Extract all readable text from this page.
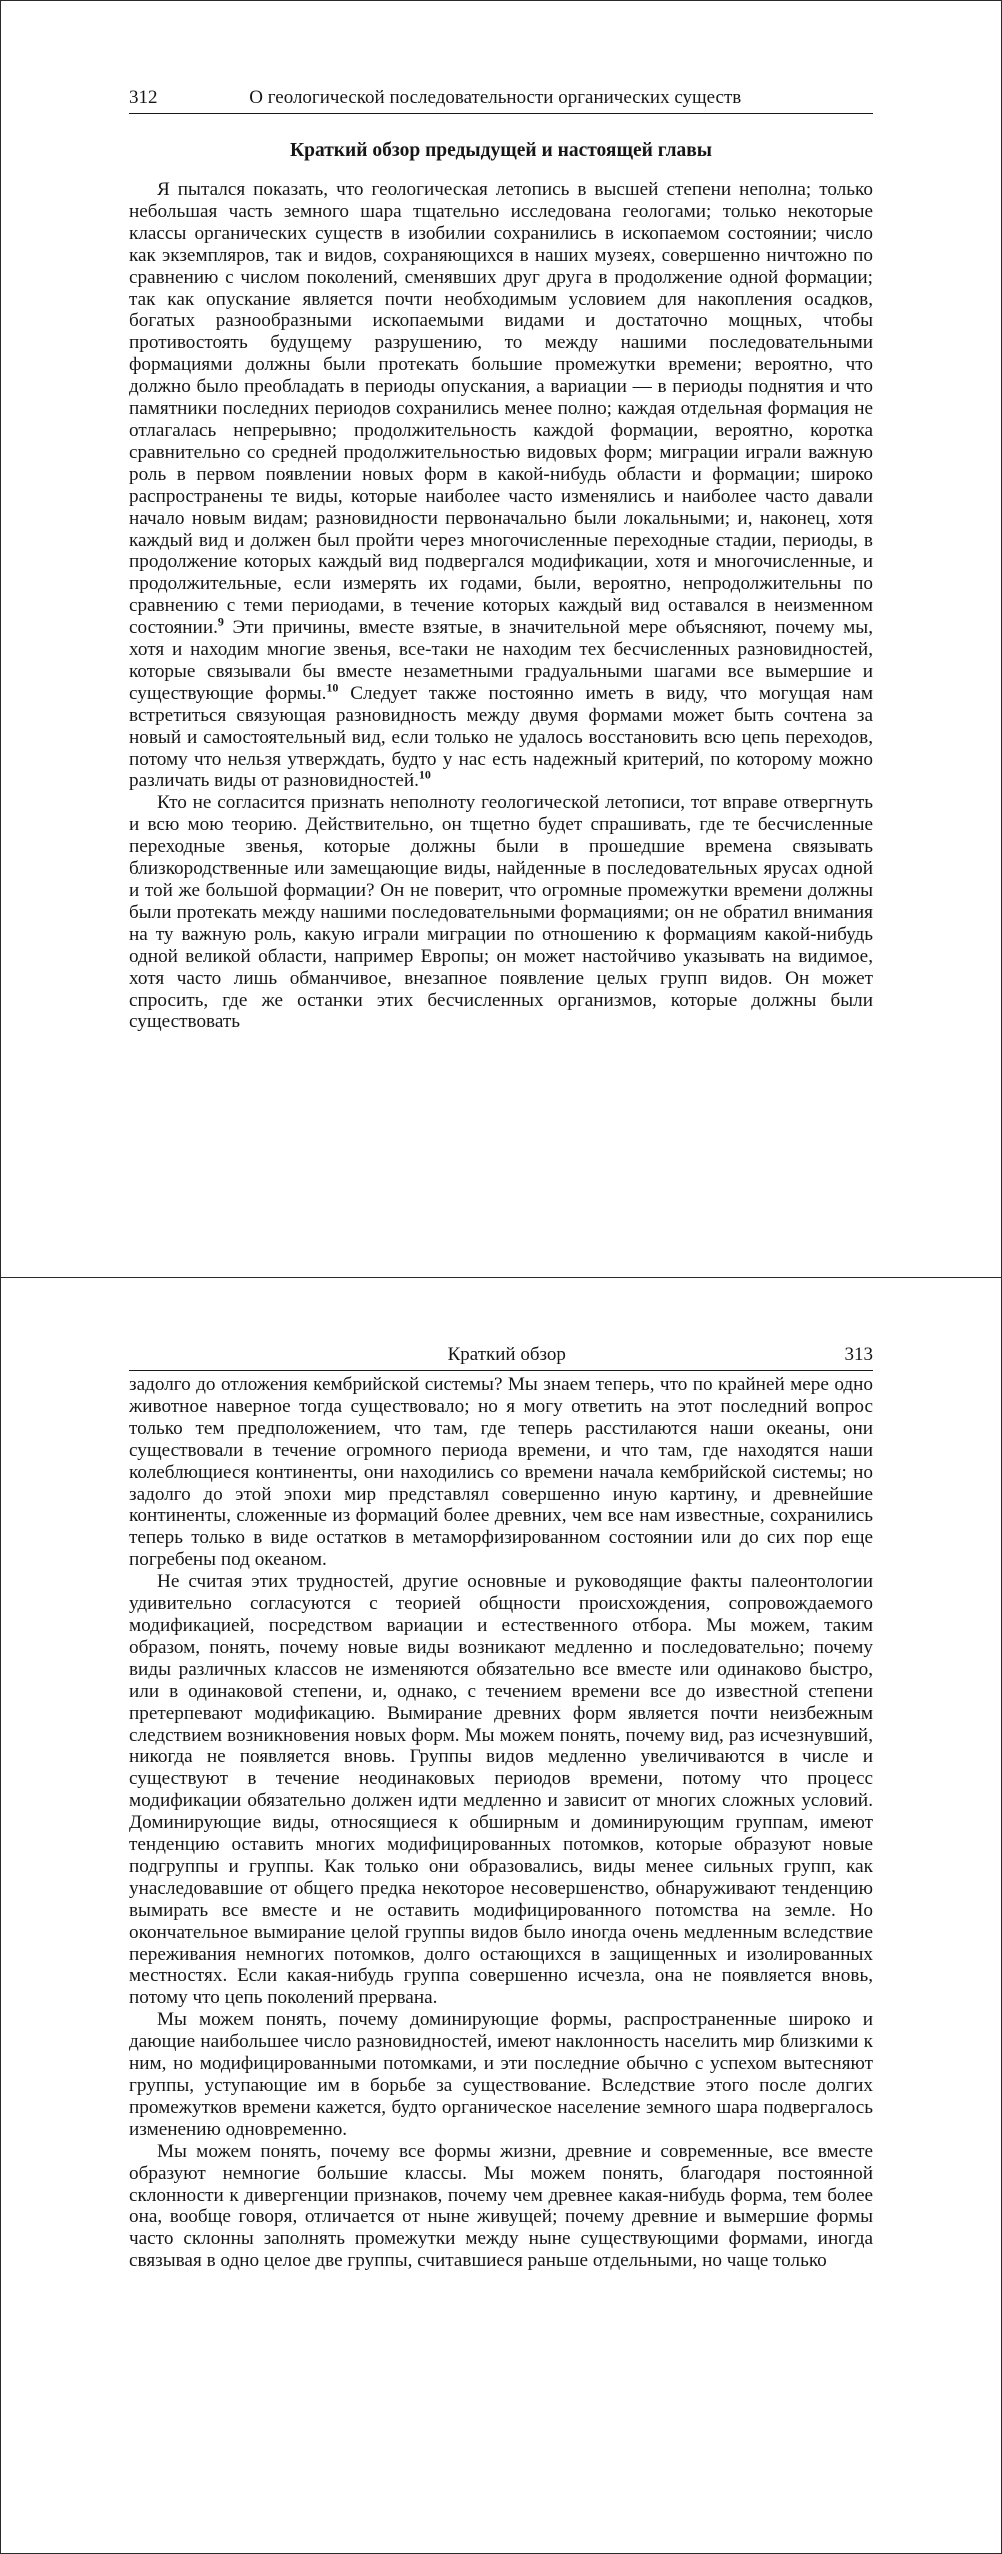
312	О геологической последовательности органических существ
Краткий обзор предыдущей и настоящей главы

Я пытался показать, что геологическая летопись в высшей степени неполна; только небольшая часть земного шара тщательно исследована геологами; только некоторые классы органических существ в изобилии сохранились в ископаемом состоянии; число как экземпляров, так и видов, сохраняющихся в наших музеях, совершенно ничтожно по сравнению с числом поколений, сменявших друг друга в продолжение одной формации; так как опускание является почти необходимым условием для накопления осадков, богатых разнообразными ископаемыми видами и достаточно мощных, чтобы противостоять будущему разрушению, то между нашими последовательными формациями должны были протекать большие промежутки времени; вероятно, что должно было преобладать в периоды опускания, а вариации — в периоды поднятия и что памятники последних периодов сохранились менее полно; каждая отдельная формация не отлагалась непрерывно; продолжительность каждой формации, вероятно, коротка сравнительно со средней продолжительностью видовых форм; миграции играли важную роль в первом появлении новых форм в какой-нибудь области и формации; широко распространены те виды, которые наиболее часто изменялись и наиболее часто давали начало новым видам; разновидности первоначально были локальными; и, наконец, хотя каждый вид и должен был пройти через многочисленные переходные стадии, периоды, в продолжение которых каждый вид подвергался модификации, хотя и многочисленные, и продолжительные, если измерять их годами, были, вероятно, непродолжительны по сравнению с теми периодами, в течение которых каждый вид оставался в неизменном состоянии.$^9$ Эти причины, вместе взятые, в значительной мере объясняют, почему мы, хотя и находим многие звенья, все-таки не находим тех бесчисленных разновидностей, которые связывали бы вместе незаметными градуальными шагами все вымершие и существующие формы.$^{10}$ Следует также постоянно иметь в виду, что могущая нам встретиться связующая разновидность между двумя формами может быть сочтена за новый и самостоятельный вид, если только не удалось восстановить всю цепь переходов, потому что нельзя утверждать, будто у нас есть надежный критерий, по которому можно различать виды от разновидностей.$^{10}$

Кто не согласится признать неполноту геологической летописи, тот вправе отвергнуть и всю мою теорию. Действительно, он тщетно будет спрашивать, где те бесчисленные переходные звенья, которые должны были в прошедшие времена связывать близкородственные или замещающие виды, найденные в последовательных ярусах одной и той же большой формации? Он не поверит, что огромные промежутки времени должны были протекать между нашими последовательными формациями; он не обратил внимания на ту важную роль, какую играли миграции по отношению к формациям какой-нибудь одной великой области, например Европы; он может настойчиво указывать на видимое, хотя часто лишь обманчивое, внезапное появление целых групп видов. Он может спросить, где же останки этих бесчисленных организмов, которые должны были существовать

Краткий обзор	313

задолго до отложения кембрийской системы? Мы знаем теперь, что по крайней мере одно животное наверное тогда существовало; но я могу ответить на этот последний вопрос только тем предположением, что там, где теперь расстилаются наши океаны, они существовали в течение огромного периода времени, и что там, где находятся наши колеблющиеся континенты, они находились со времени начала кембрийской системы; но задолго до этой эпохи мир представлял совершенно иную картину, и древнейшие континенты, сложенные из формаций более древних, чем все нам известные, сохранились теперь только в виде остатков в метаморфизированном состоянии или до сих пор еще погребены под океаном.

Не считая этих трудностей, другие основные и руководящие факты палеонтологии удивительно согласуются с теорией общности происхождения, сопровождаемого модификацией, посредством вариации и естественного отбора. Мы можем, таким образом, понять, почему новые виды возникают медленно и последовательно; почему виды различных классов не изменяются обязательно все вместе или одинаково быстро, или в одинаковой степени, и, однако, с течением времени все до известной степени претерпевают модификацию. Вымирание древних форм является почти неизбежным следствием возникновения новых форм. Мы можем понять, почему вид, раз исчезнувший, никогда не появляется вновь. Группы видов медленно увеличиваются в числе и существуют в течение неодинаковых периодов времени, потому что процесс модификации обязательно должен идти медленно и зависит от многих сложных условий. Доминирующие виды, относящиеся к обширным и доминирующим группам, имеют тенденцию оставить многих модифицированных потомков, которые образуют новые подгруппы и группы. Как только они образовались, виды менее сильных групп, как унаследовавшие от общего предка некоторое несовершенство, обнаруживают тенденцию вымирать все вместе и не оставить модифицированного потомства на земле. Но окончательное вымирание целой группы видов было иногда очень медленным вследствие переживания немногих потомков, долго остающихся в защищенных и изолированных местностях. Если какая-нибудь группа совершенно исчезла, она не появляется вновь, потому что цепь поколений прервана.

Мы можем понять, почему доминирующие формы, распространенные широко и дающие наибольшее число разновидностей, имеют наклонность населить мир близкими к ним, но модифицированными потомками, и эти последние обычно с успехом вытесняют группы, уступающие им в борьбе за существование. Вследствие этого после долгих промежутков времени кажется, будто органическое население земного шара подвергалось изменению одновременно.

Мы можем понять, почему все формы жизни, древние и современные, все вместе образуют немногие большие классы. Мы можем понять, благодаря постоянной склонности к дивергенции признаков, почему чем древнее какая-нибудь форма, тем более она, вообще говоря, отличается от ныне живущей; почему древние и вымершие формы часто склонны заполнять промежутки между ныне существующими формами, иногда связывая в одно целое две группы, считавшиеся раньше отдельными, но чаще только
